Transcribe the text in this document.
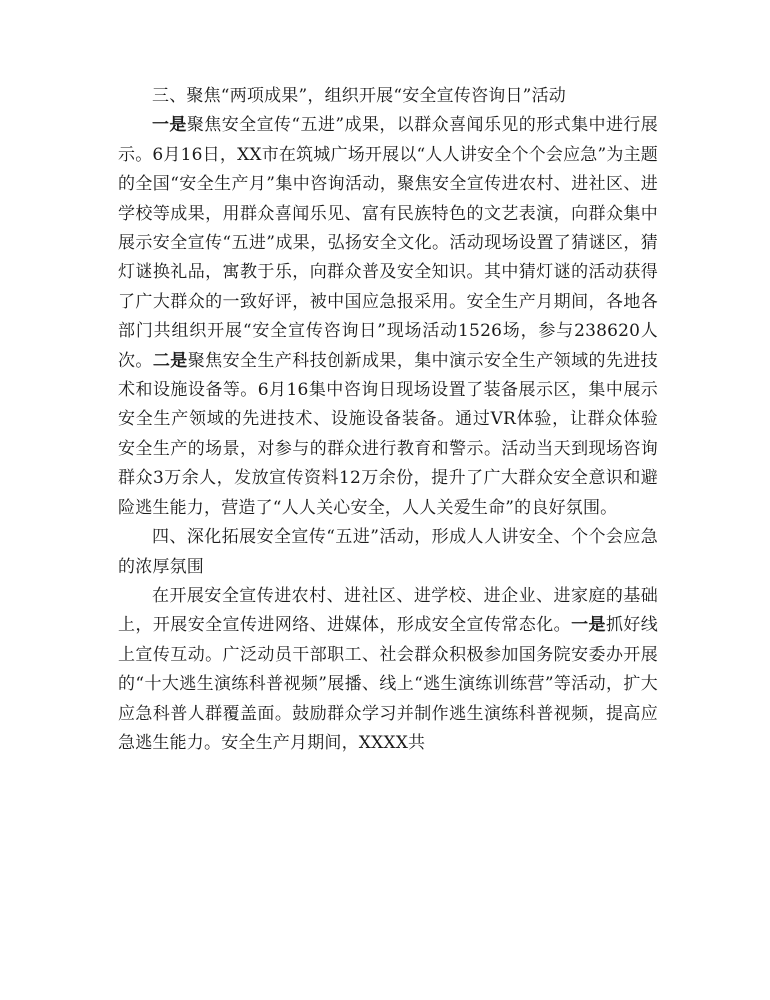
三、聚焦“两项成果”，组织开展“安全宣传咨询日”活动

一是聚焦安全宣传“五进”成果，以群众喜闻乐见的形式集中进行展示。6月16日，XX市在筑城广场开展以“人人讲安全个个会应急”为主题的全国“安全生产月”集中咨询活动，聚焦安全宣传进农村、进社区、进学校等成果，用群众喜闻乐见、富有民族特色的文艺表演，向群众集中展示安全宣传“五进”成果，弘扬安全文化。活动现场设置了猜谜区，猜灯谜换礼品，寓教于乐，向群众普及安全知识。其中猜灯谜的活动获得了广大群众的一致好评，被中国应急报采用。安全生产月期间，各地各部门共组织开展“安全宣传咨询日”现场活动1526场，参与238620人次。二是聚焦安全生产科技创新成果，集中演示安全生产领域的先进技术和设施设备等。6月16集中咨询日现场设置了装备展示区，集中展示安全生产领域的先进技术、设施设备装备。通过VR体验，让群众体验安全生产的场景，对参与的群众进行教育和警示。活动当天到现场咨询群众3万余人，发放宣传资料12万余份，提升了广大群众安全意识和避险逃生能力，营造了“人人关心安全，人人关爱生命”的良好氛围。

四、深化拓展安全宣传“五进”活动，形成人人讲安全、个个会应急的浓厚氛围

在开展安全宣传进农村、进社区、进学校、进企业、进家庭的基础上，开展安全宣传进网络、进媒体，形成安全宣传常态化。一是抓好线上宣传互动。广泛动员干部职工、社会群众积极参加国务院安委办开展的“十大逃生演练科普视频”展播、线上“逃生演练训练营”等活动，扩大应急科普人群覆盖面。鼓励群众学习并制作逃生演练科普视频，提高应急逃生能力。安全生产月期间，XXXX共
